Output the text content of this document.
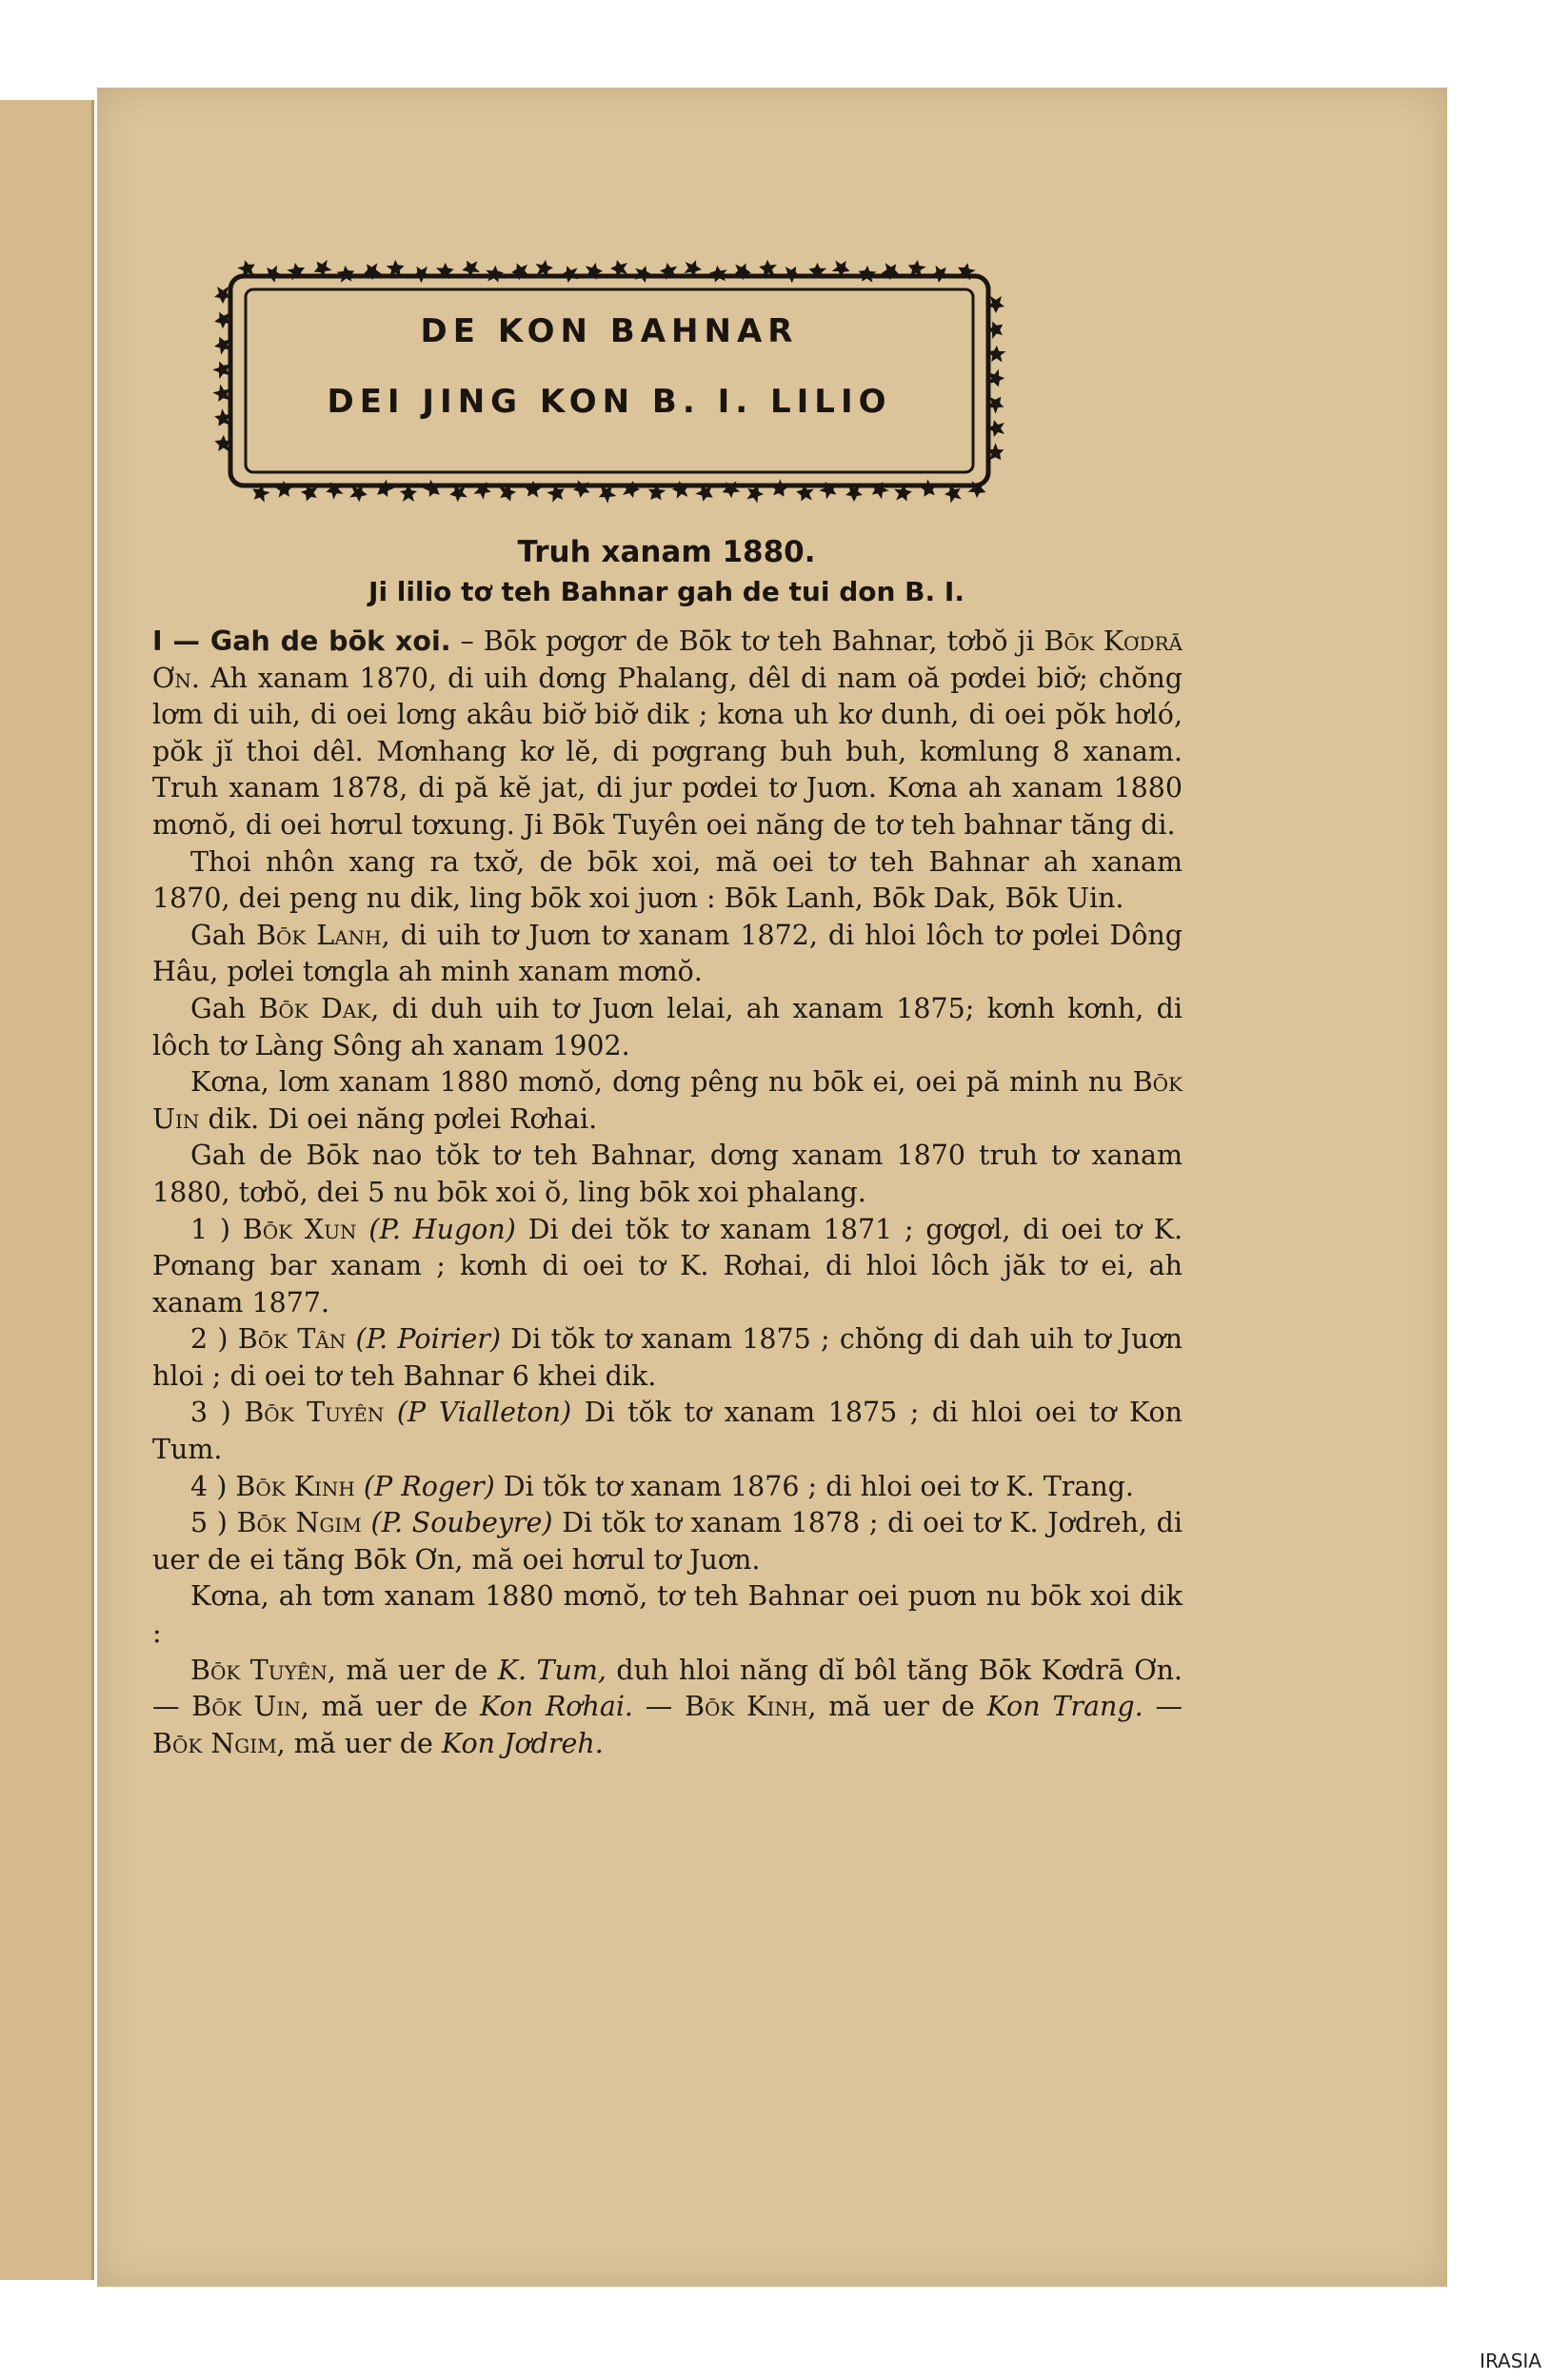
DE KON BAHNAR

DEI JING KON B. I. LILIO

Truh xanam 1880.

Ji lilio tơ teh Bahnar gah de tui don B. I.

I — Gah de bōk xoi. – Bōk pơgơr de Bōk tơ teh Bahnar, tơbŏ ji Bōk Kơdrā Ơn. Ah xanam 1870, di uih dơng Phalang, dêl di nam oă pơdei biơ̆; chŏng lơm di uih, di oei lơng akâu biơ̆ biơ̆ dik ; kơna uh kơ dunh, di oei pŏk hơló, pŏk jĭ thoi dêl. Mơnhang kơ lĕ, di pơgrang buh buh, kơmlung 8 xanam. Truh xanam 1878, di pă kĕ jat, di jur pơdei tơ Juơn. Kơna ah xanam 1880 mơnŏ, di oei hơrul tơxung. Ji Bōk Tuyên oei năng de tơ teh bahnar tăng di.

Thoi nhôn xang ra txơ̆, de bōk xoi, mă oei tơ teh Bahnar ah xanam 1870, dei peng nu dik, ling bōk xoi juơn : Bōk Lanh, Bōk Dak, Bōk Uin.

Gah Bōk Lanh, di uih tơ Juơn tơ xanam 1872, di hloi lôch tơ pơlei Dông Hâu, pơlei tơngla ah minh xanam mơnŏ.

Gah Bōk Dak, di duh uih tơ Juơn lelai, ah xanam 1875; kơnh kơnh, di lôch tơ Làng Sông ah xanam 1902.

Kơna, lơm xanam 1880 mơnŏ, dơng pêng nu bōk ei, oei pă minh nu Bōk Uin dik. Di oei năng pơlei Rơhai.

Gah de Bōk nao tŏk tơ teh Bahnar, dơng xanam 1870 truh tơ xanam 1880, tơbŏ, dei 5 nu bōk xoi ŏ, ling bōk xoi phalang.

1 ) Bōk Xun (P. Hugon) Di dei tŏk tơ xanam 1871 ; gơgơl, di oei tơ K. Pơnang bar xanam ; kơnh di oei tơ K. Rơhai, di hloi lôch jăk tơ ei, ah xanam 1877.

2 ) Bōk Tân (P. Poirier) Di tŏk tơ xanam 1875 ; chŏng di dah uih tơ Juơn hloi ; di oei tơ teh Bahnar 6 khei dik.

3 ) Bōk Tuyên (P Vialleton) Di tŏk tơ xanam 1875 ; di hloi oei tơ Kon Tum.

4 ) Bōk Kinh (P Roger) Di tŏk tơ xanam 1876 ; di hloi oei tơ K. Trang.

5 ) Bōk Ngim (P. Soubeyre) Di tŏk tơ xanam 1878 ; di oei tơ K. Jơdreh, di uer de ei tăng Bōk Ơn, mă oei hơrul tơ Juơn.

Kơna, ah tơm xanam 1880 mơnŏ, tơ teh Bahnar oei puơn nu bōk xoi dik :

Bōk Tuyên, mă uer de K. Tum, duh hloi năng dĭ bôl tăng Bōk Kơdrā Ơn. — Bōk Uin, mă uer de Kon Rơhai. — Bōk Kinh, mă uer de Kon Trang. — Bōk Ngim, mă uer de Kon Jơdreh.

IRASIA
